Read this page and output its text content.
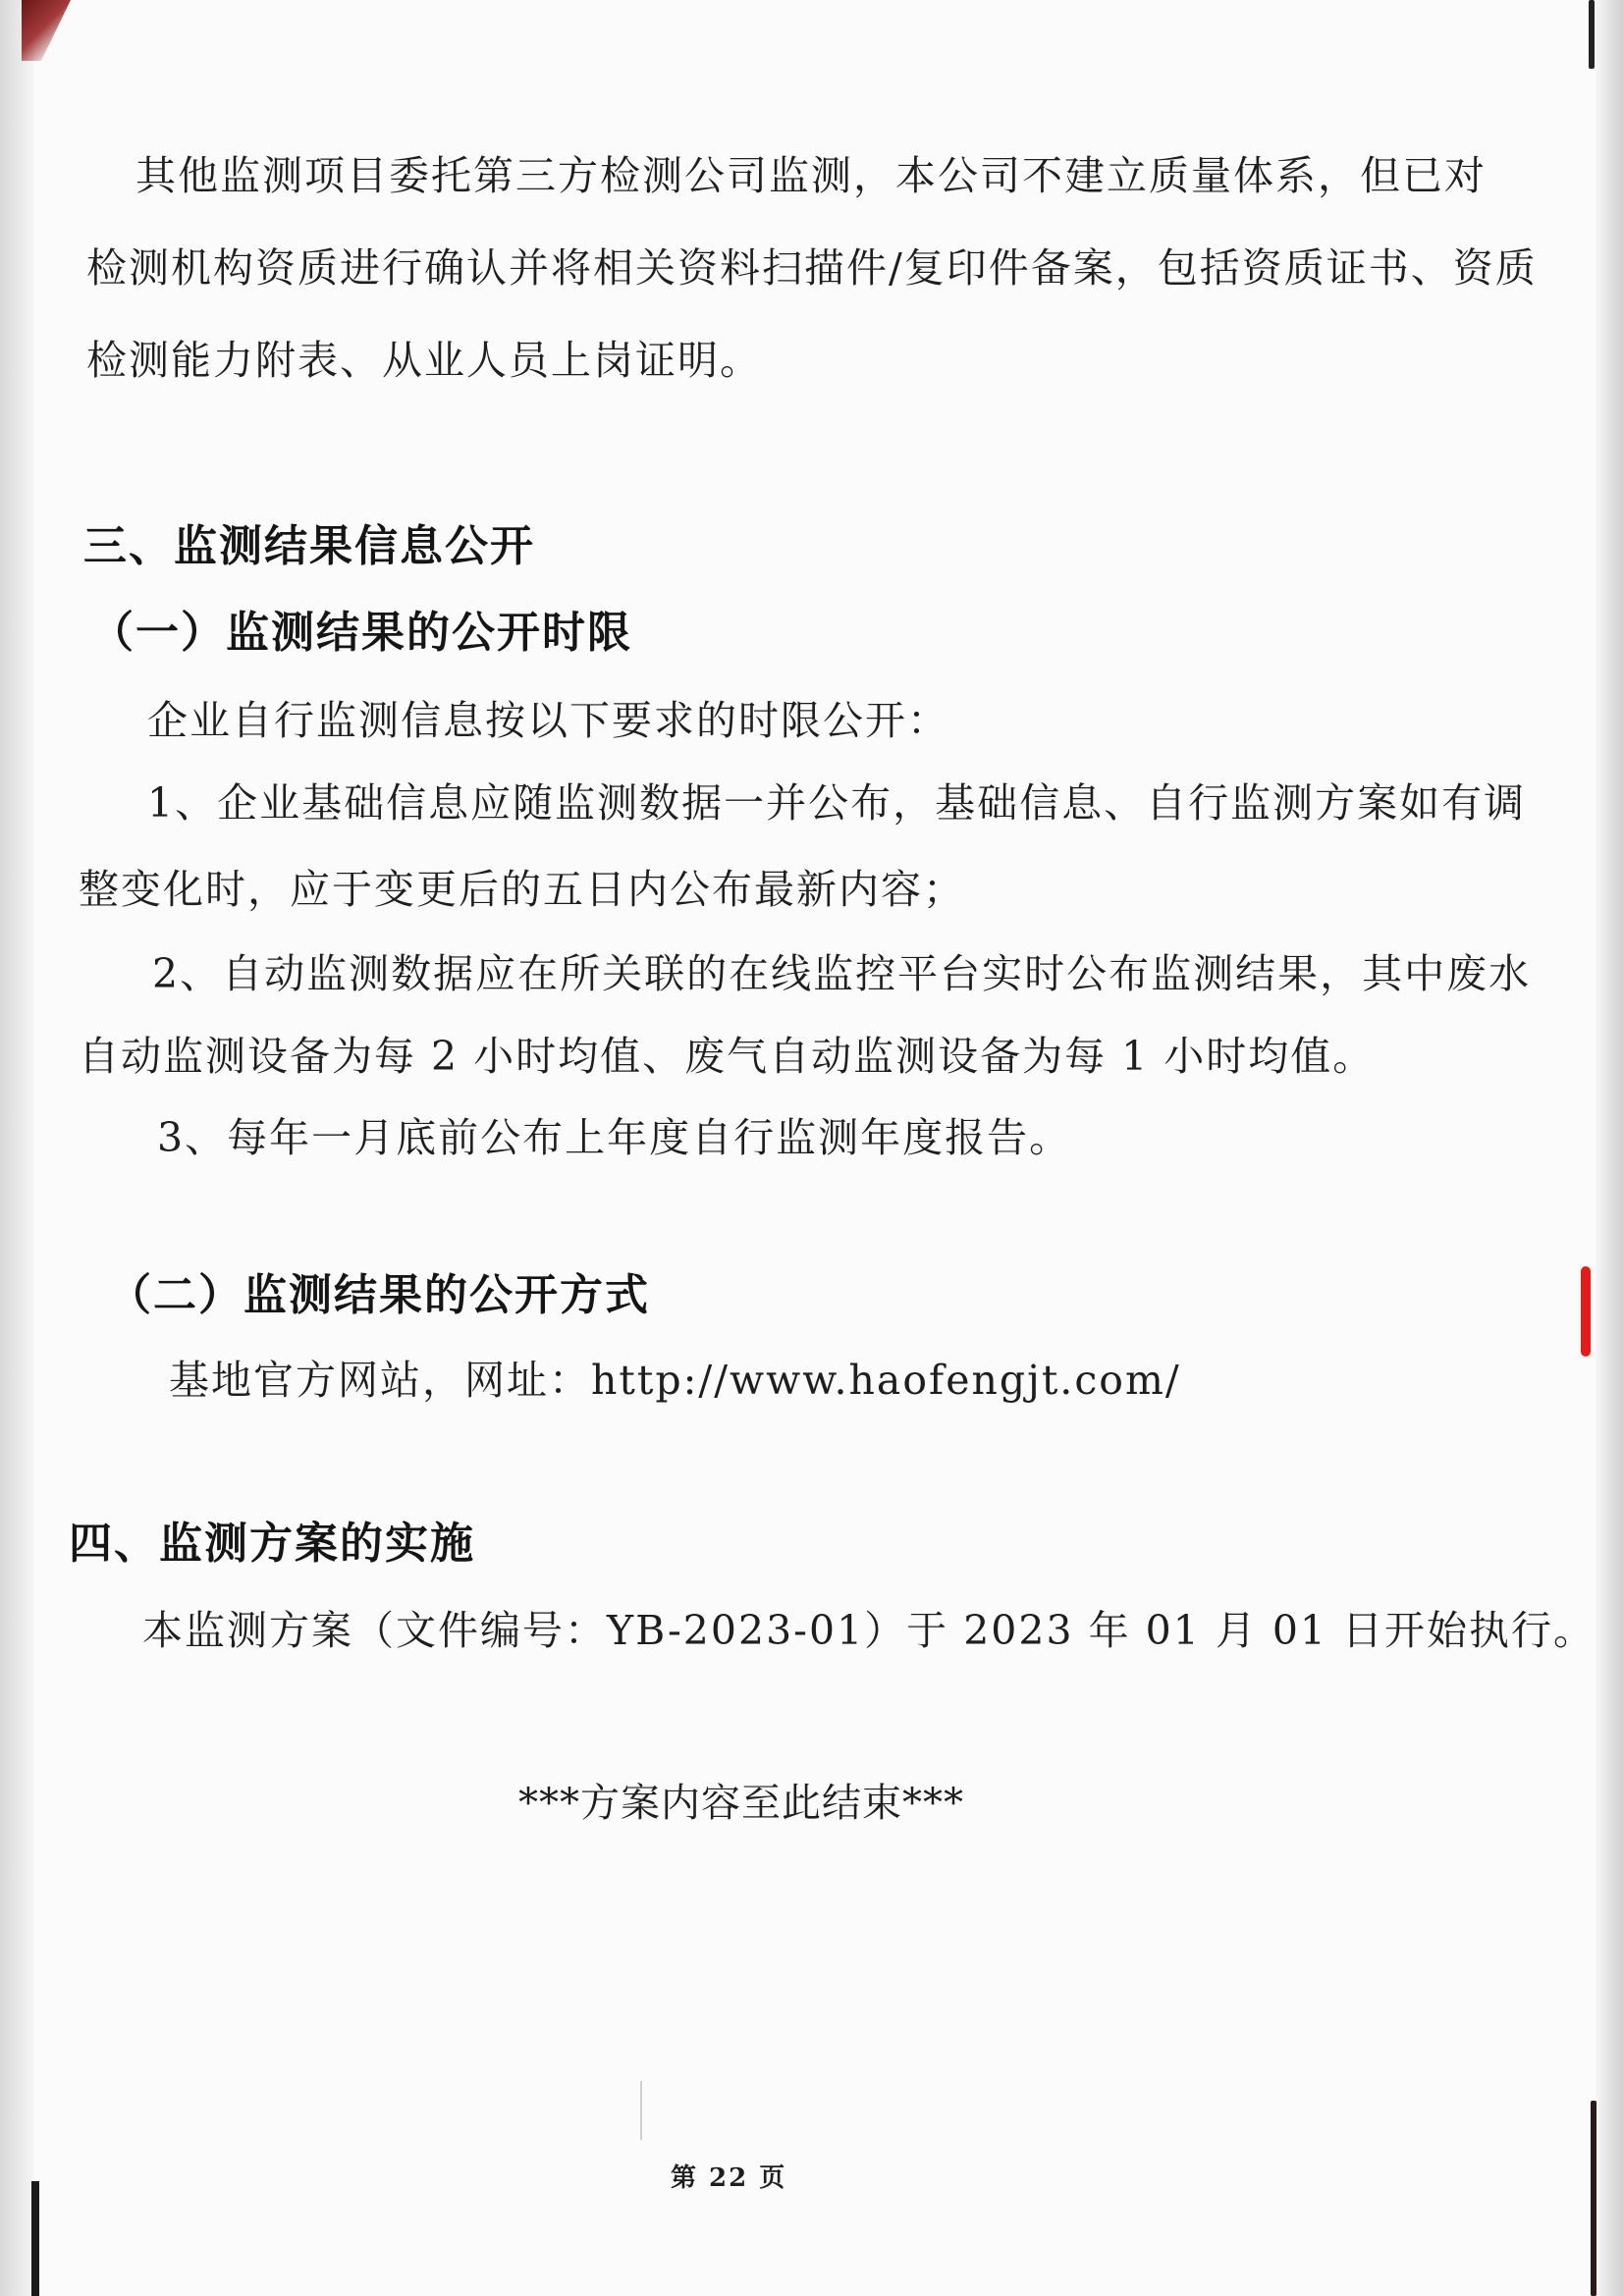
其他监测项目委托第三方检测公司监测，本公司不建立质量体系，但已对
检测机构资质进行确认并将相关资料扫描件/复印件备案，包括资质证书、资质
检测能力附表、从业人员上岗证明。
三、监测结果信息公开
（一）监测结果的公开时限
企业自行监测信息按以下要求的时限公开：
1、企业基础信息应随监测数据一并公布，基础信息、自行监测方案如有调
整变化时，应于变更后的五日内公布最新内容；
2、自动监测数据应在所关联的在线监控平台实时公布监测结果，其中废水
自动监测设备为每 2 小时均值、废气自动监测设备为每 1 小时均值。
3、每年一月底前公布上年度自行监测年度报告。
（二）监测结果的公开方式
基地官方网站，网址：http://www.haofengjt.com/
四、监测方案的实施
本监测方案（文件编号：YB-2023-01）于 2023 年 01 月 01 日开始执行。
***方案内容至此结束***
第 22 页
